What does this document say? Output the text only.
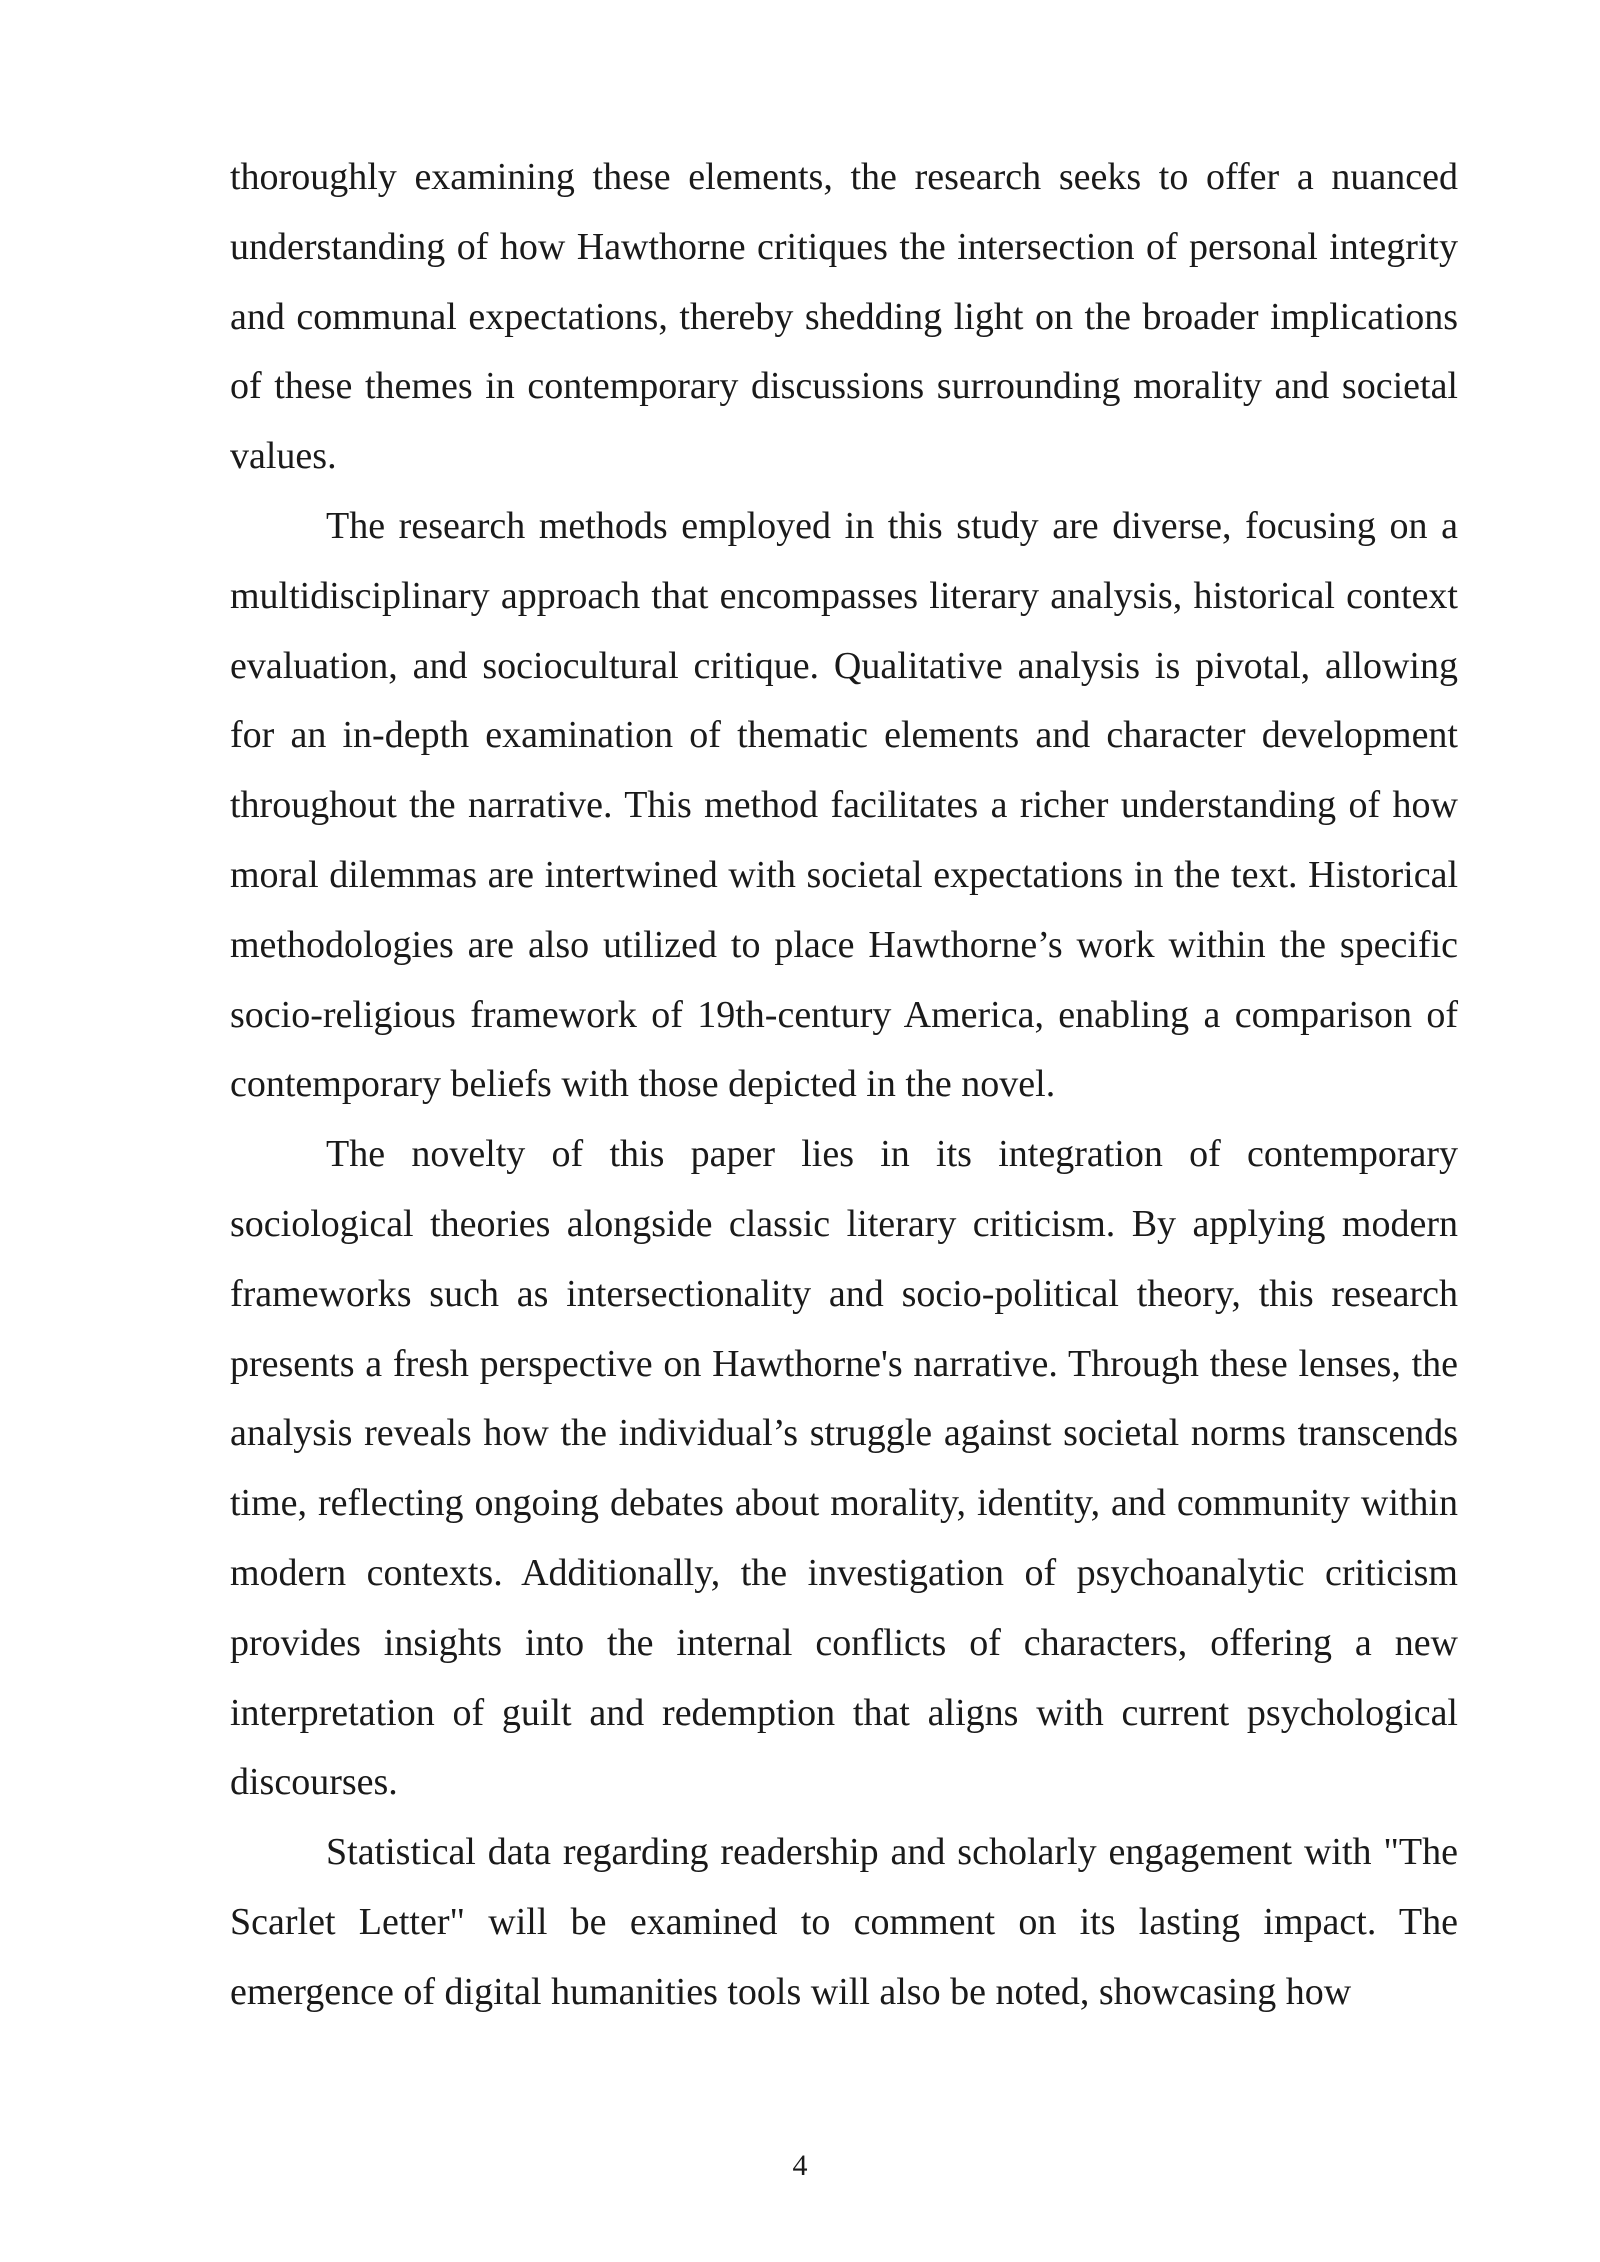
thoroughly examining these elements, the research seeks to offer a nuanced understanding of how Hawthorne critiques the intersection of personal integrity and communal expectations, thereby shedding light on the broader implications of these themes in contemporary discussions surrounding morality and societal values.

The research methods employed in this study are diverse, focusing on a multidisciplinary approach that encompasses literary analysis, historical context evaluation, and sociocultural critique. Qualitative analysis is pivotal, allowing for an in-depth examination of thematic elements and character development throughout the narrative. This method facilitates a richer understanding of how moral dilemmas are intertwined with societal expectations in the text. Historical methodologies are also utilized to place Hawthorne’s work within the specific socio-religious framework of 19th-century America, enabling a comparison of contemporary beliefs with those depicted in the novel.

The novelty of this paper lies in its integration of contemporary sociological theories alongside classic literary criticism. By applying modern frameworks such as intersectionality and socio-political theory, this research presents a fresh perspective on Hawthorne's narrative. Through these lenses, the analysis reveals how the individual’s struggle against societal norms transcends time, reflecting ongoing debates about morality, identity, and community within modern contexts. Additionally, the investigation of psychoanalytic criticism provides insights into the internal conflicts of characters, offering a new interpretation of guilt and redemption that aligns with current psychological discourses.

Statistical data regarding readership and scholarly engagement with "The Scarlet Letter" will be examined to comment on its lasting impact. The emergence of digital humanities tools will also be noted, showcasing how

4
